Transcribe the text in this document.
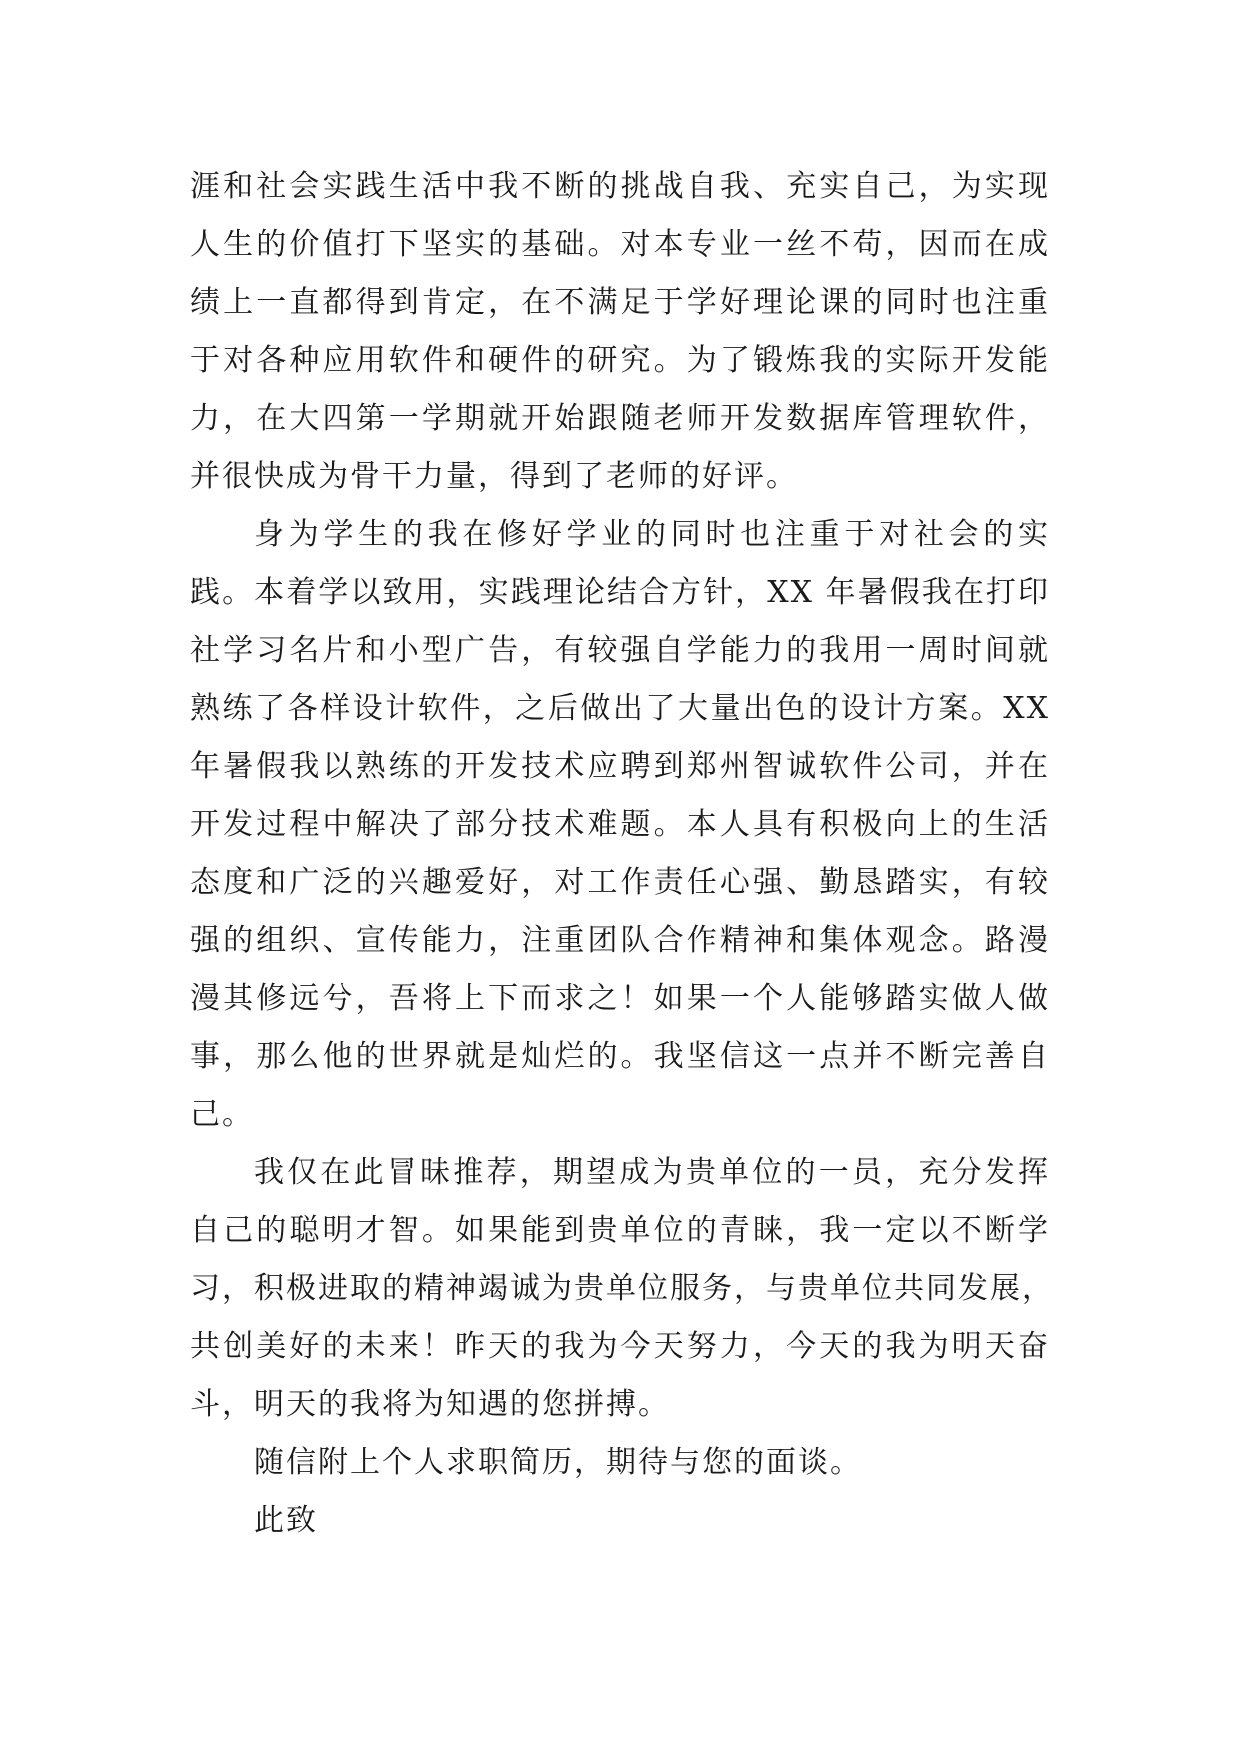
涯和社会实践生活中我不断的挑战自我、充实自己，为实现
人生的价值打下坚实的基础。对本专业一丝不苟，因而在成
绩上一直都得到肯定，在不满足于学好理论课的同时也注重
于对各种应用软件和硬件的研究。为了锻炼我的实际开发能
力，在大四第一学期就开始跟随老师开发数据库管理软件，
并很快成为骨干力量，得到了老师的好评。
身为学生的我在修好学业的同时也注重于对社会的实
践。本着学以致用，实践理论结合方针，XX 年暑假我在打印
社学习名片和小型广告，有较强自学能力的我用一周时间就
熟练了各样设计软件，之后做出了大量出色的设计方案。XX
年暑假我以熟练的开发技术应聘到郑州智诚软件公司，并在
开发过程中解决了部分技术难题。本人具有积极向上的生活
态度和广泛的兴趣爱好，对工作责任心强、勤恳踏实，有较
强的组织、宣传能力，注重团队合作精神和集体观念。路漫
漫其修远兮，吾将上下而求之！如果一个人能够踏实做人做
事，那么他的世界就是灿烂的。我坚信这一点并不断完善自
己。
我仅在此冒昧推荐，期望成为贵单位的一员，充分发挥
自己的聪明才智。如果能到贵单位的青睐，我一定以不断学
习，积极进取的精神竭诚为贵单位服务，与贵单位共同发展，
共创美好的未来！昨天的我为今天努力，今天的我为明天奋
斗，明天的我将为知遇的您拼搏。
随信附上个人求职简历，期待与您的面谈。
此致
